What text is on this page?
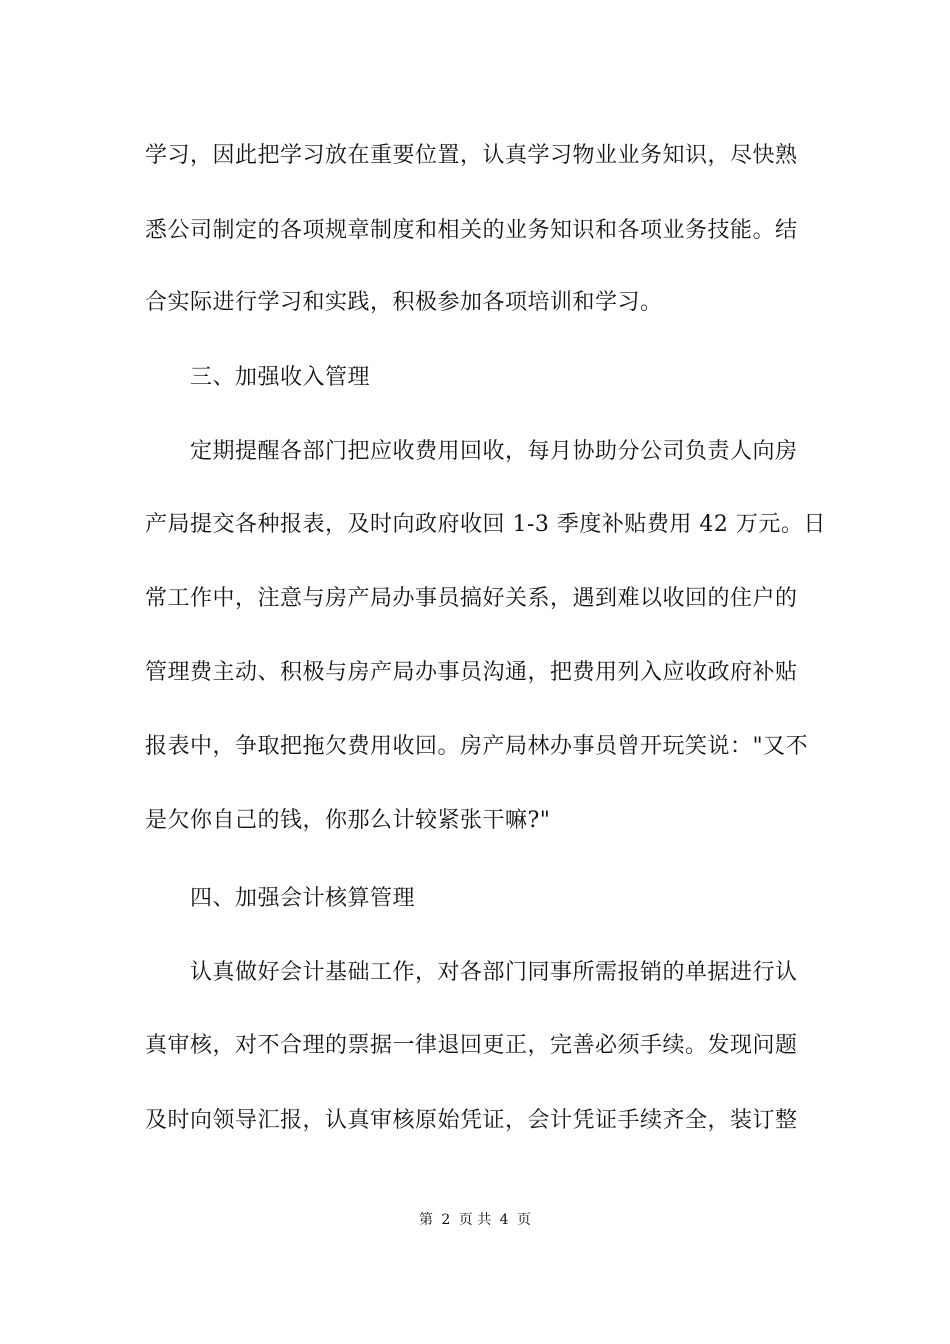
学习，因此把学习放在重要位置，认真学习物业业务知识，尽快熟
悉公司制定的各项规章制度和相关的业务知识和各项业务技能。结
合实际进行学习和实践，积极参加各项培训和学习。
三、加强收入管理
定期提醒各部门把应收费用回收，每月协助分公司负责人向房
产局提交各种报表，及时向政府收回 1-3 季度补贴费用 42 万元。日
常工作中，注意与房产局办事员搞好关系，遇到难以收回的住户的
管理费主动、积极与房产局办事员沟通，把费用列入应收政府补贴
报表中，争取把拖欠费用收回。房产局林办事员曾开玩笑说："又不
是欠你自己的钱，你那么计较紧张干嘛?"
四、加强会计核算管理
认真做好会计基础工作，对各部门同事所需报销的单据进行认
真审核，对不合理的票据一律退回更正，完善必须手续。发现问题
及时向领导汇报，认真审核原始凭证，会计凭证手续齐全，装订整
第 2 页 共 4 页
